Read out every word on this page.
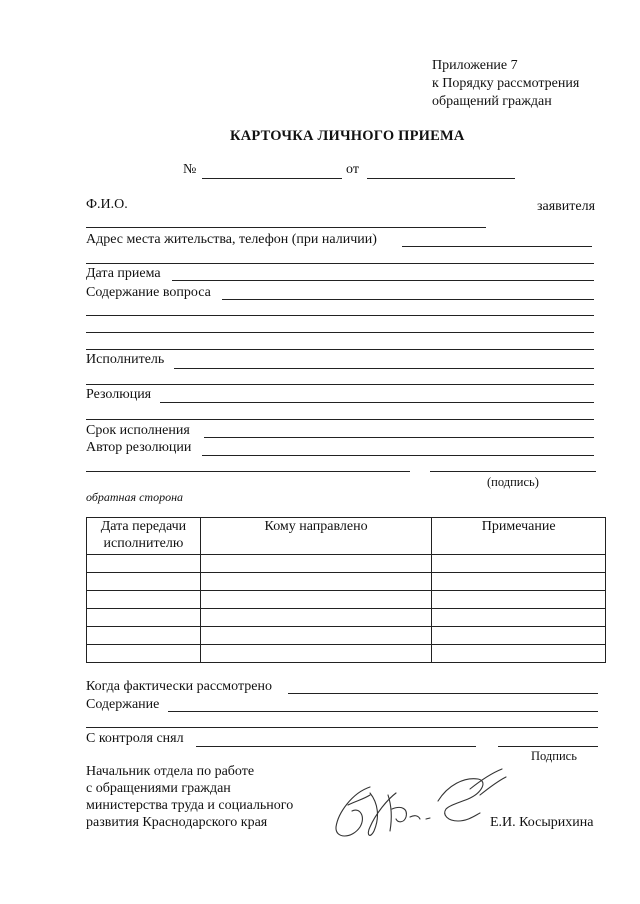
Приложение 7
к Порядку рассмотрения
обращений граждан
КАРТОЧКА ЛИЧНОГО ПРИЕМА
№	от
Ф.И.О.	заявителя
Адрес места жительства, телефон (при наличии)
Дата приема
Содержание вопроса
Исполнитель
Резолюция
Срок исполнения
Автор резолюции
(подпись)
обратная сторона
Дата передачи исполнителю	Кому направлено	Примечание

Когда фактически рассмотрено
Содержание
С контроля снял
Подпись
Начальник отдела по работе
с обращениями граждан
министерства труда и социального
развития Краснодарского края	Е.И. Косырихина
